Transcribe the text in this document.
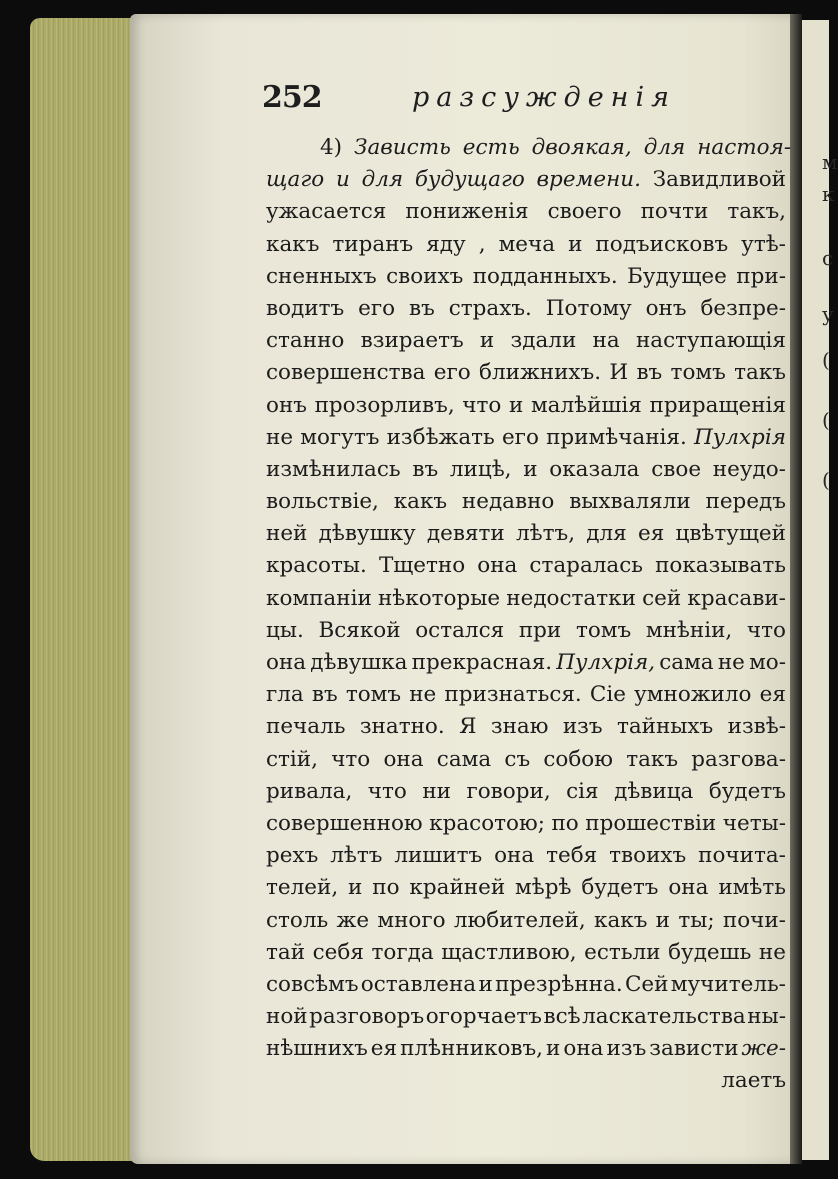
м
к
с
у
(
(
(
252	разсужденія
4) Зависть есть двоякая, для настоя-
щаго и для будущаго времени. Завидливой
ужасается пониженія своего почти такъ,
какъ тиранъ яду , меча и подъисковъ утѣ-
сненныхъ своихъ подданныхъ. Будущее при-
водитъ его въ страхъ. Потому онъ безпре-
станно взираетъ и здали на наступающія
совершенства его ближнихъ. И въ томъ такъ
онъ прозорливъ, что и малѣйшія приращенія
не могутъ избѣжать его примѣчанія. Пулхрія
измѣнилась въ лицѣ, и оказала свое неудо-
вольствіе, какъ недавно выхваляли передъ
ней дѣвушку девяти лѣтъ, для ея цвѣтущей
красоты. Тщетно она старалась показывать
компаніи нѣкоторые недостатки сей красави-
цы. Всякой остался при томъ мнѣніи, что
она дѣвушка прекрасная. Пулхрія, сама не мо-
гла въ томъ не признаться. Сіе умножило ея
печаль знатно. Я знаю изъ тайныхъ извѣ-
стій, что она сама съ собою такъ разгова-
ривала, что ни говори, сія дѣвица будетъ
совершенною красотою; по прошествіи четы-
рехъ лѣтъ лишитъ она тебя твоихъ почита-
телей, и по крайней мѣрѣ будетъ она имѣть
столь же много любителей, какъ и ты; почи-
тай себя тогда щастливою, естьли будешь не
совсѣмъ оставлена и презрѣнна. Сей мучитель-
ной разговоръ огорчаетъ всѣ ласкательства ны-
нѣшнихъ ея плѣнниковъ, и она изъ зависти же-
лаетъ
